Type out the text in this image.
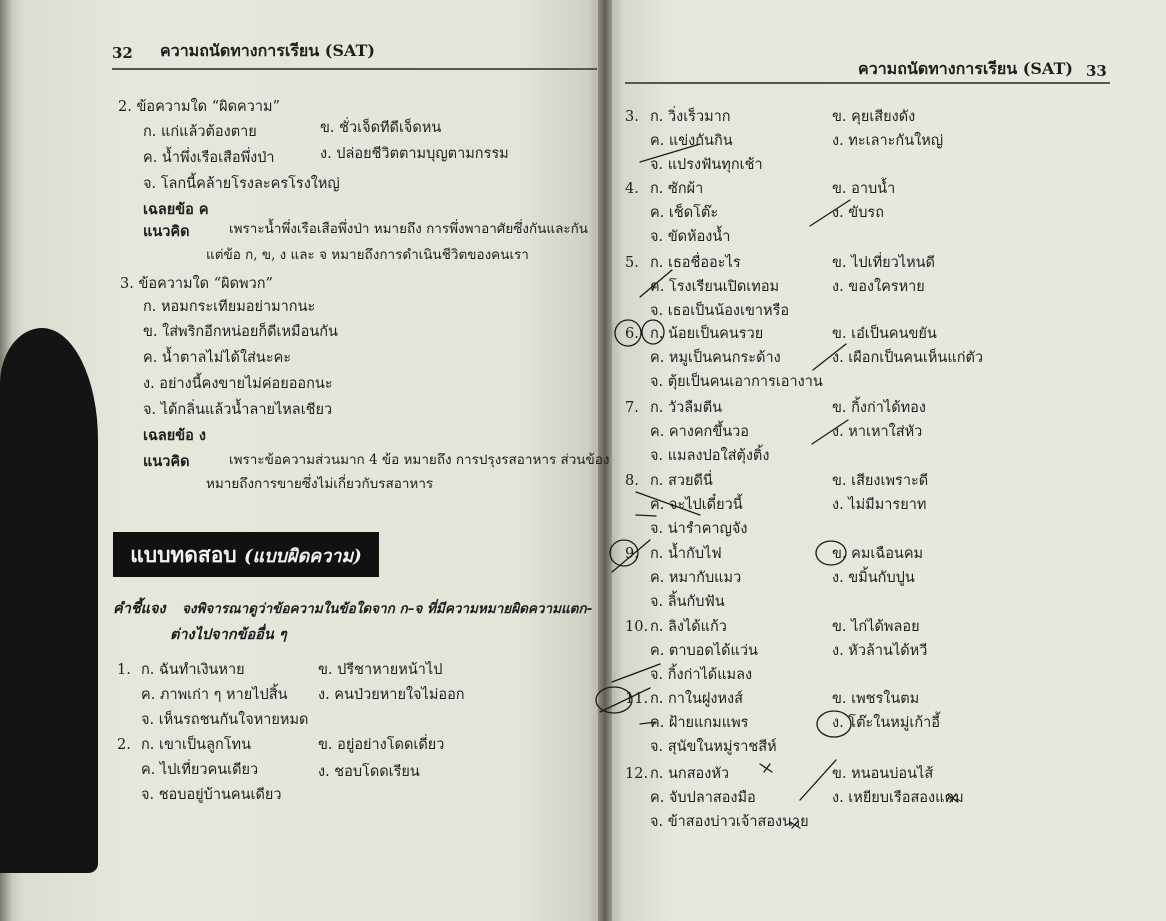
32 ความถนัดทางการเรียน (SAT)
2. ข้อความใด “ผิดความ”
ก. แก่แล้วต้องตาย	ข. ชั่วเจ็ดทีดีเจ็ดหน
ค. น้ำพึ่งเรือเสือพึ่งป่า	ง. ปล่อยชีวิตตามบุญตามกรรม
จ. โลกนี้คล้ายโรงละครโรงใหญ่
เฉลยข้อ ค
แนวคิด	เพราะน้ำพึ่งเรือเสือพึ่งป่า หมายถึง การพึ่งพาอาศัยซึ่งกันและกัน
แต่ข้อ ก, ข, ง และ จ หมายถึงการดำเนินชีวิตของคนเรา
3. ข้อความใด “ผิดพวก”
ก. หอมกระเทียมอย่ามากนะ
ข. ใส่พริกอีกหน่อยก็ดีเหมือนกัน
ค. น้ำตาลไม่ได้ใส่นะคะ
ง. อย่างนี้คงขายไม่ค่อยออกนะ
จ. ได้กลิ่นแล้วน้ำลายไหลเชียว
เฉลยข้อ ง
แนวคิด	เพราะข้อความส่วนมาก 4 ข้อ หมายถึง การปรุงรสอาหาร ส่วนข้อง
หมายถึงการขายซึ่งไม่เกี่ยวกับรสอาหาร
แบบทดสอบ (แบบผิดความ)
คำชี้แจง จงพิจารณาดูว่าข้อความในข้อใดจาก ก–จ ที่มีความหมายผิดความแตก-
ต่างไปจากข้ออื่น ๆ
1. ก. ฉันทำเงินหาย	ข. ปรีชาหายหน้าไป
ค. ภาพเก่า ๆ หายไปสิ้น ง. คนป่วยหายใจไม่ออก
จ. เห็นรถชนกันใจหายหมด
2. ก. เขาเป็นลูกโทน	ข. อยู่อย่างโดดเดี่ยว
ค. ไปเที่ยวคนเดียว	ง. ชอบโดดเรียน
จ. ชอบอยู่บ้านคนเดียว
ความถนัดทางการเรียน (SAT) 33
3. ก. วิ่งเร็วมาก	ข. คุยเสียงดัง
ค. แข่งกันกิน	ง. ทะเลาะกันใหญ่
จ. แปรงฟันทุกเช้า
4. ก. ซักผ้า	ข. อาบน้ำ
ค. เช็ดโต๊ะ	ง. ขับรถ
จ. ขัดห้องน้ำ
5. ก. เธอชื่ออะไร	ข. ไปเที่ยวไหนดี
ค. โรงเรียนเปิดเทอม	ง. ของใครหาย
จ. เธอเป็นน้องเขาหรือ
6. ก. น้อยเป็นคนรวย	ข. เอ๋เป็นคนขยัน
ค. หมูเป็นคนกระด้าง	ง. เผือกเป็นคนเห็นแก่ตัว
จ. ตุ้ยเป็นคนเอาการเอางาน
7. ก. วัวลืมตีน	ข. กิ้งก่าได้ทอง
ค. คางคกขึ้นวอ	ง. หาเหาใส่หัว
จ. แมลงปอใส่ตุ้งติ้ง
8. ก. สวยดีนี่	ข. เสียงเพราะดี
ค. จะไปเดี๋ยวนี้	ง. ไม่มีมารยาท
จ. น่ารำคาญจัง
9. ก. น้ำกับไฟ	ข. คมเฉือนคม
ค. หมากับแมว	ง. ขมิ้นกับปูน
จ. ลิ้นกับฟัน
10. ก. ลิงได้แก้ว	ข. ไก่ได้พลอย
ค. ตาบอดได้แว่น	ง. หัวล้านได้หวี
จ. กิ้งก่าได้แมลง
11. ก. กาในฝูงหงส์	ข. เพชรในตม
ค. ฝ้ายแกมแพร	ง. โต๊ะในหมู่เก้าอี้
จ. สุนัขในหมู่ราชสีห์
12. ก. นกสองหัว	ข. หนอนบ่อนไส้
ค. จับปลาสองมือ	ง. เหยียบเรือสองแคม
จ. ข้าสองบ่าวเจ้าสองนาย
